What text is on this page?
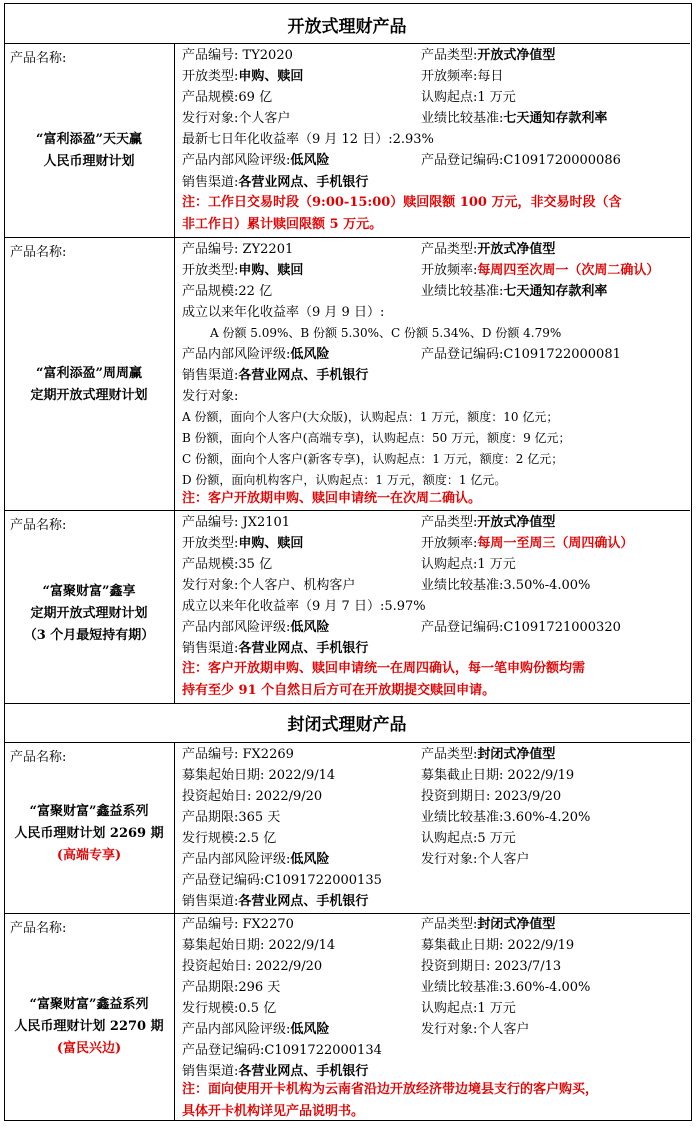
开放式理财产品
产品名称:
“富利添盈”天天赢
人民币理财计划
产品编号: TY2020	产品类型:开放式净值型
开放类型:申购、赎回	开放频率:每日
产品规模:69 亿	认购起点:1 万元
发行对象:个人客户	业绩比较基准:七天通知存款利率
最新七日年化收益率（9 月 12 日）:2.93%
产品内部风险评级:低风险	产品登记编码:C1091720000086
销售渠道:各营业网点、手机银行
注：工作日交易时段（9:00-15:00）赎回限额 100 万元，非交易时段（含
非工作日）累计赎回限额 5 万元。
产品名称:
“富利添盈”周周赢
定期开放式理财计划
产品编号: ZY2201	产品类型:开放式净值型
开放类型:申购、赎回	开放频率:每周四至次周一（次周二确认）
产品规模:22 亿	业绩比较基准:七天通知存款利率
成立以来年化收益率（9 月 9 日）:
A 份额 5.09%、B 份额 5.30%、C 份额 5.34%、D 份额 4.79%
产品内部风险评级:低风险	产品登记编码:C1091722000081
销售渠道:各营业网点、手机银行
发行对象:
A 份额，面向个人客户(大众版)，认购起点：1 万元，额度：10 亿元；
B 份额，面向个人客户(高端专享)，认购起点：50 万元，额度：9 亿元；
C 份额，面向个人客户(新客专享)，认购起点：1 万元，额度：2 亿元；
D 份额，面向机构客户，认购起点：1 万元，额度：1 亿元。
注：客户开放期申购、赎回申请统一在次周二确认。
产品名称:
“富聚财富”鑫享
定期开放式理财计划
（3 个月最短持有期）
产品编号: JX2101	产品类型:开放式净值型
开放类型:申购、赎回	开放频率:每周一至周三（周四确认）
产品规模:35 亿	认购起点:1 万元
发行对象:个人客户、机构客户	业绩比较基准:3.50%-4.00%
成立以来年化收益率（9 月 7 日）:5.97%
产品内部风险评级:低风险	产品登记编码:C1091721000320
销售渠道:各营业网点、手机银行
注：客户开放期申购、赎回申请统一在周四确认，每一笔申购份额均需
持有至少 91 个自然日后方可在开放期提交赎回申请。
封闭式理财产品
产品名称:
“富聚财富”鑫益系列
人民币理财计划 2269 期
(高端专享)
产品编号: FX2269	产品类型:封闭式净值型
募集起始日期: 2022/9/14	募集截止日期: 2022/9/19
投资起始日: 2022/9/20	投资到期日: 2023/9/20
产品期限:365 天	业绩比较基准:3.60%-4.20%
发行规模:2.5 亿	认购起点:5 万元
产品内部风险评级:低风险	发行对象:个人客户
产品登记编码:C1091722000135
销售渠道:各营业网点、手机银行
产品名称:
“富聚财富”鑫益系列
人民币理财计划 2270 期
(富民兴边)
产品编号: FX2270	产品类型:封闭式净值型
募集起始日期: 2022/9/14	募集截止日期: 2022/9/19
投资起始日: 2022/9/20	投资到期日: 2023/7/13
产品期限:296 天	业绩比较基准:3.60%-4.00%
发行规模:0.5 亿	认购起点:1 万元
产品内部风险评级:低风险	发行对象:个人客户
产品登记编码:C1091722000134
销售渠道:各营业网点、手机银行
注：面向使用开卡机构为云南省沿边开放经济带边境县支行的客户购买，
具体开卡机构详见产品说明书。
